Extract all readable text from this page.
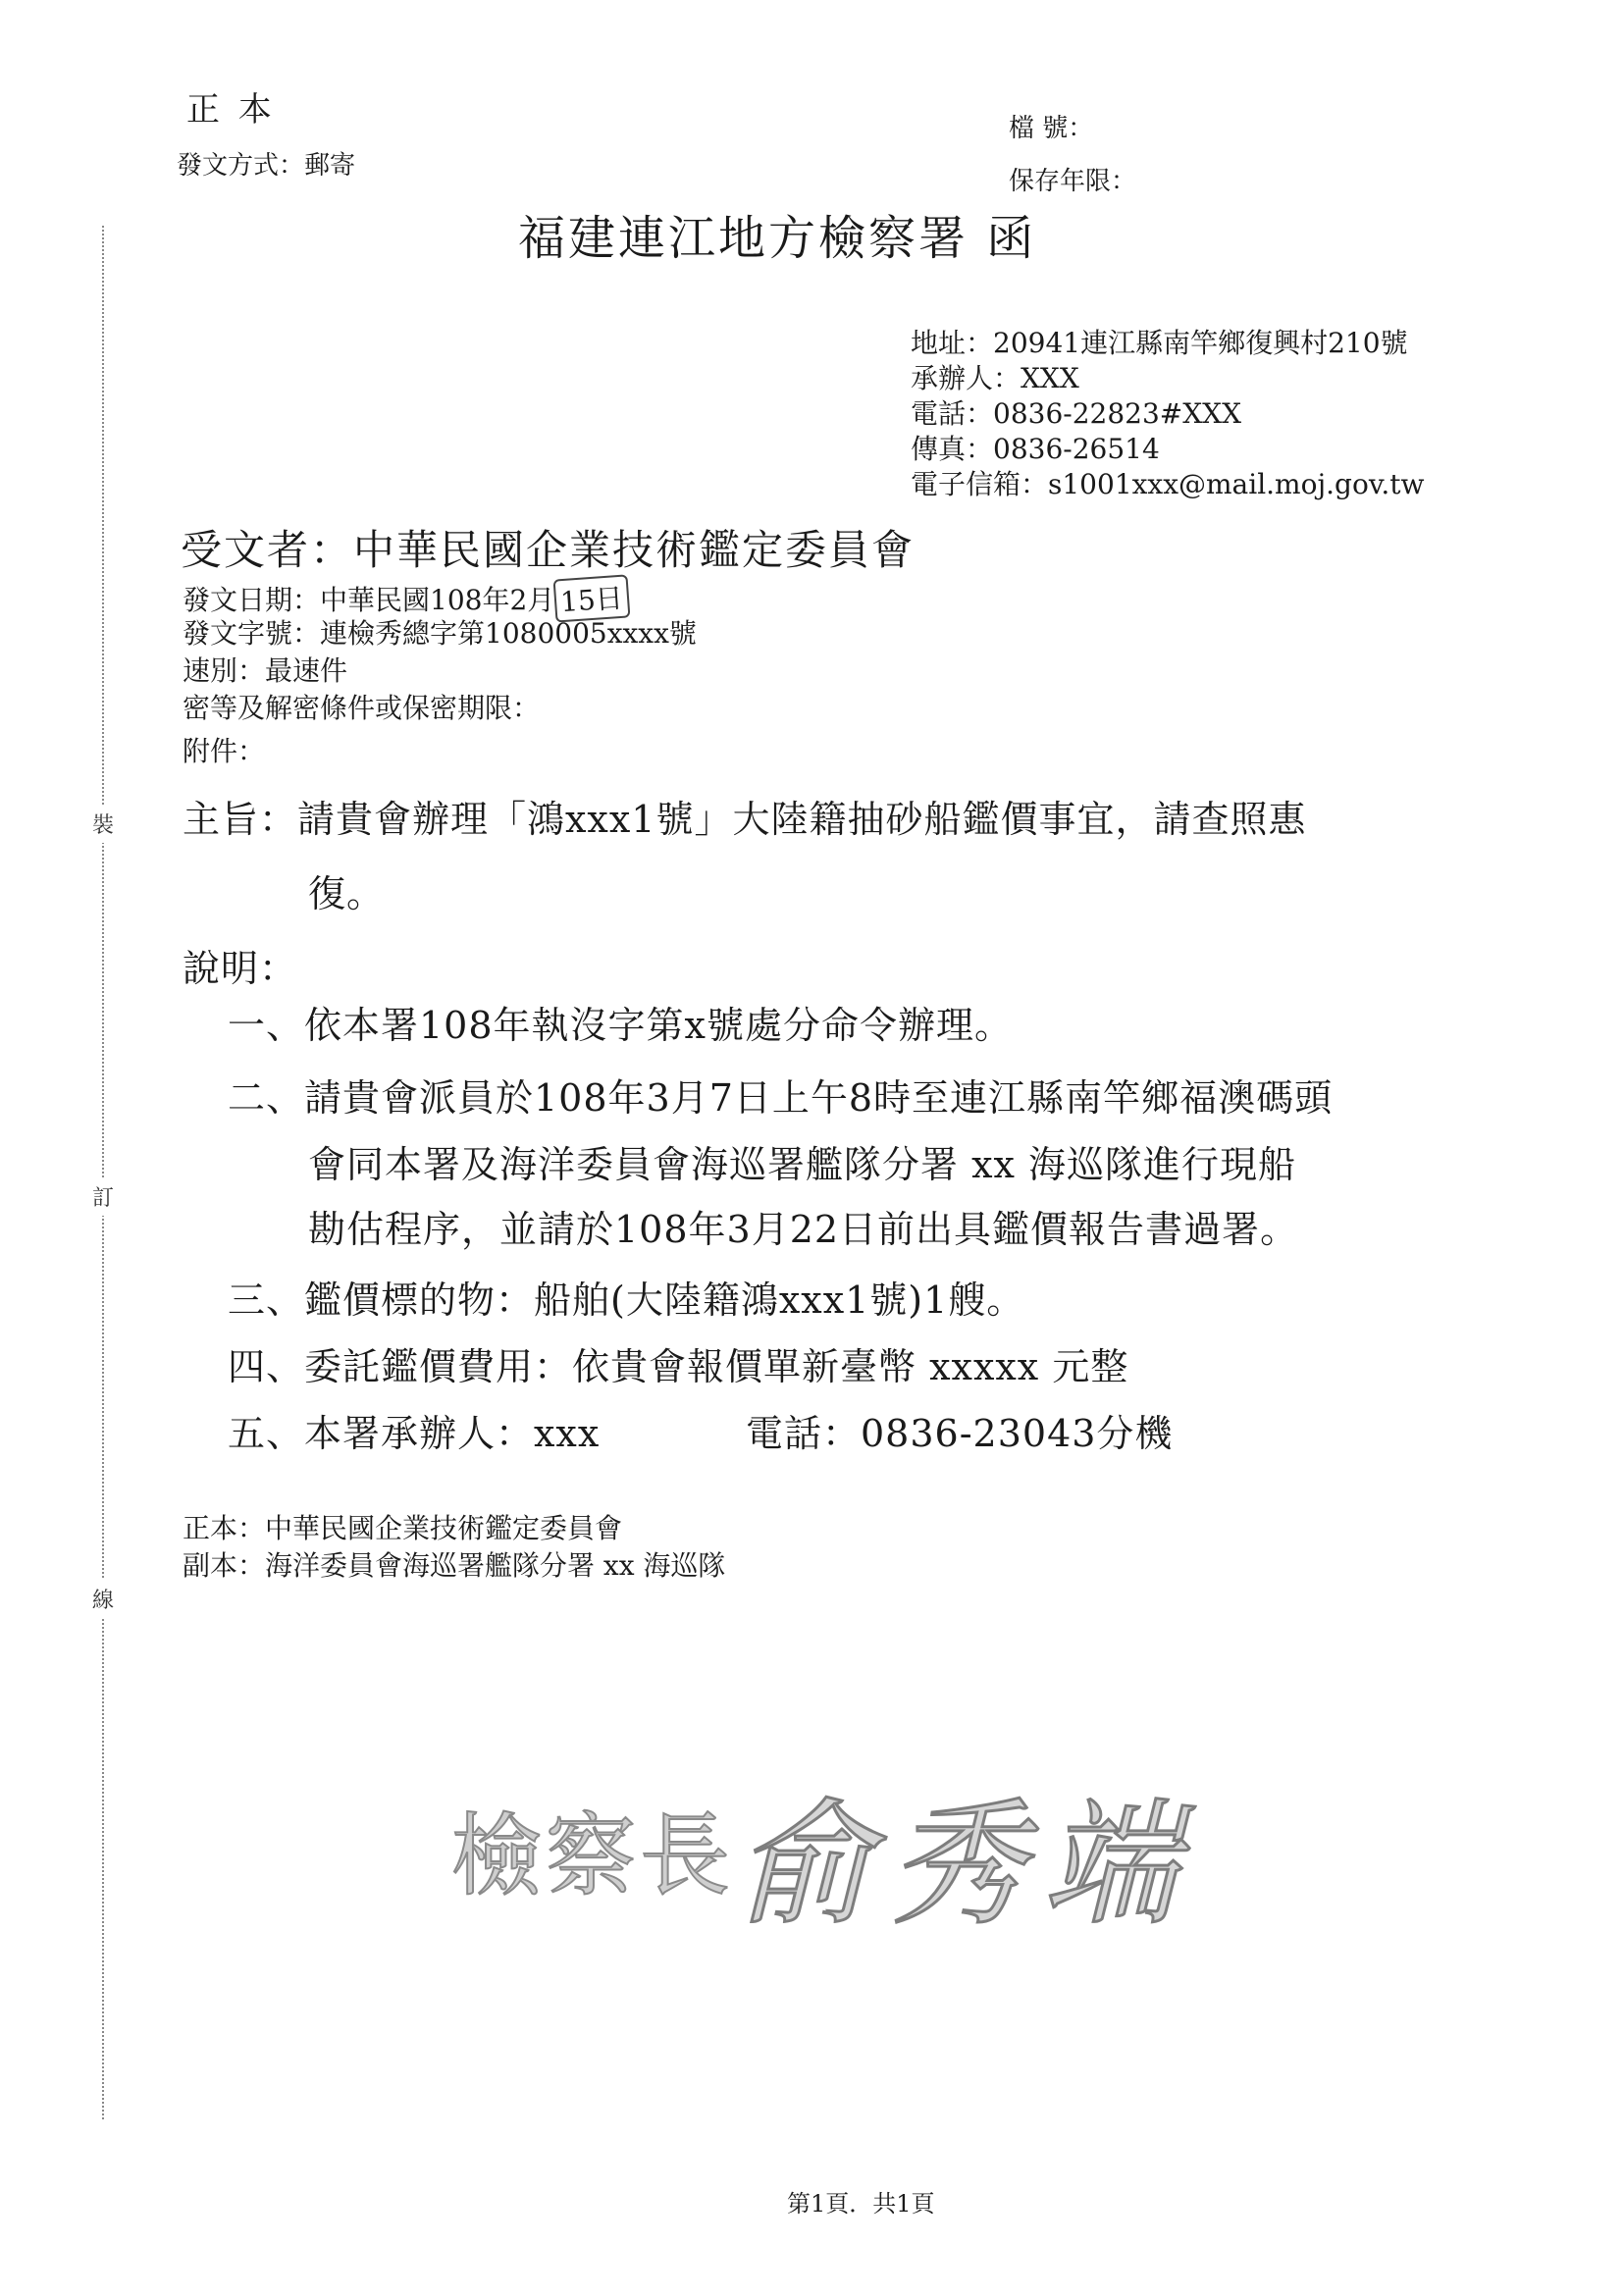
裝
訂
線
正 本
發文方式：郵寄
檔 號：
保存年限：
福建連江地方檢察署 函
地址：20941連江縣南竿鄉復興村210號
承辦人：XXX
電話：0836-22823#XXX
傳真：0836-26514
電子信箱：s1001xxx@mail.moj.gov.tw
受文者：中華民國企業技術鑑定委員會
發文日期：中華民國108年2月 15日
發文字號：連檢秀總字第1080005xxxx號
速別：最速件
密等及解密條件或保密期限：
附件：
主旨：請貴會辦理「鴻xxx1號」大陸籍抽砂船鑑價事宜，請查照惠
復。
說明：
一、依本署108年執沒字第x號處分命令辦理。
二、請貴會派員於108年3月7日上午8時至連江縣南竿鄉福澳碼頭
會同本署及海洋委員會海巡署艦隊分署 xx 海巡隊進行現船
勘估程序，並請於108年3月22日前出具鑑價報告書過署。
三、鑑價標的物：船舶(大陸籍鴻xxx1號)1艘。
四、委託鑑價費用：依貴會報價單新臺幣 xxxxx 元整
五、本署承辦人：xxx	電話：0836-23043分機
正本：中華民國企業技術鑑定委員會
副本：海洋委員會海巡署艦隊分署 xx 海巡隊
檢察長 俞秀端
第1頁．共1頁
